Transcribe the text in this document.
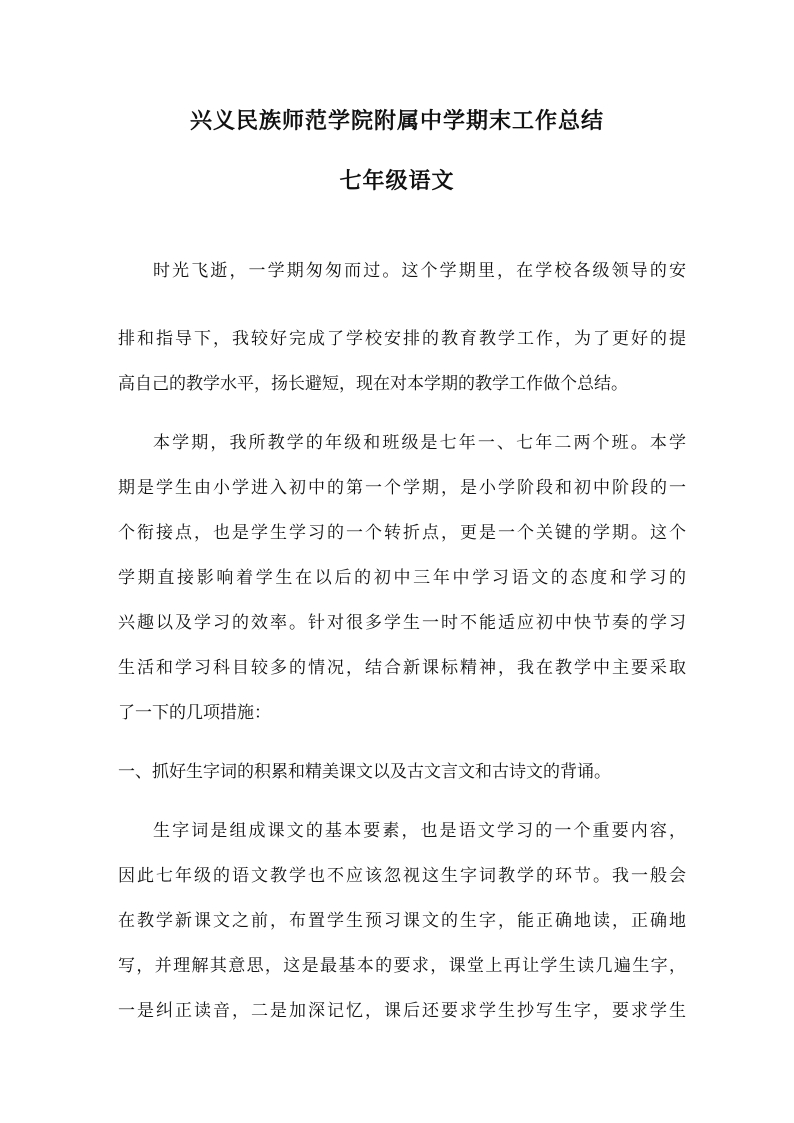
兴义民族师范学院附属中学期末工作总结
七年级语文
时光飞逝，一学期匆匆而过。这个学期里，在学校各级领导的安
排和指导下，我较好完成了学校安排的教育教学工作，为了更好的提
高自己的教学水平，扬长避短，现在对本学期的教学工作做个总结。
本学期，我所教学的年级和班级是七年一、七年二两个班。本学
期是学生由小学进入初中的第一个学期，是小学阶段和初中阶段的一
个衔接点，也是学生学习的一个转折点，更是一个关键的学期。这个
学期直接影响着学生在以后的初中三年中学习语文的态度和学习的
兴趣以及学习的效率。针对很多学生一时不能适应初中快节奏的学习
生活和学习科目较多的情况，结合新课标精神，我在教学中主要采取
了一下的几项措施：
一、抓好生字词的积累和精美课文以及古文言文和古诗文的背诵。
生字词是组成课文的基本要素，也是语文学习的一个重要内容，
因此七年级的语文教学也不应该忽视这生字词教学的环节。我一般会
在教学新课文之前，布置学生预习课文的生字，能正确地读，正确地
写，并理解其意思，这是最基本的要求，课堂上再让学生读几遍生字，
一是纠正读音，二是加深记忆，课后还要求学生抄写生字，要求学生
